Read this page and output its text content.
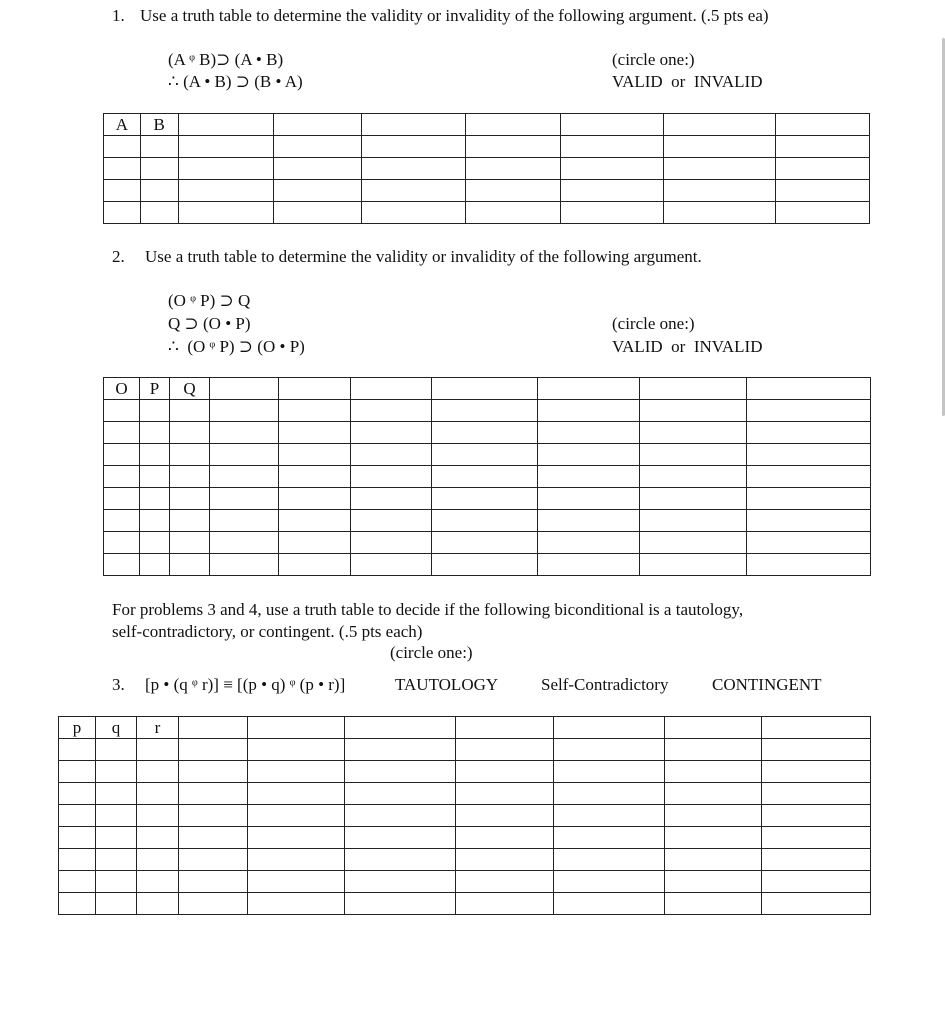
1. Use a truth table to determine the validity or invalidity of the following argument. (.5 pts ea)
(A ᵠ B)⊃ (A • B)
∴ (A • B) ⊃ (B • A)
(circle one:)
VALID  or  INVALID
A	B							

2. Use a truth table to determine the validity or invalidity of the following argument.
(O ᵠ P) ⊃ Q
Q ⊃ (O • P)
∴  (O ᵠ P) ⊃ (O • P)
(circle one:)
VALID  or  INVALID
O	P	Q							

For problems 3 and 4, use a truth table to decide if the following biconditional is a tautology,
self-contradictory, or contingent. (.5 pts each)
(circle one:)
3. [p • (q ᵠ r)] ≡ [(p • q) ᵠ (p • r)]	TAUTOLOGY	Self-Contradictory	CONTINGENT
p	q	r							
